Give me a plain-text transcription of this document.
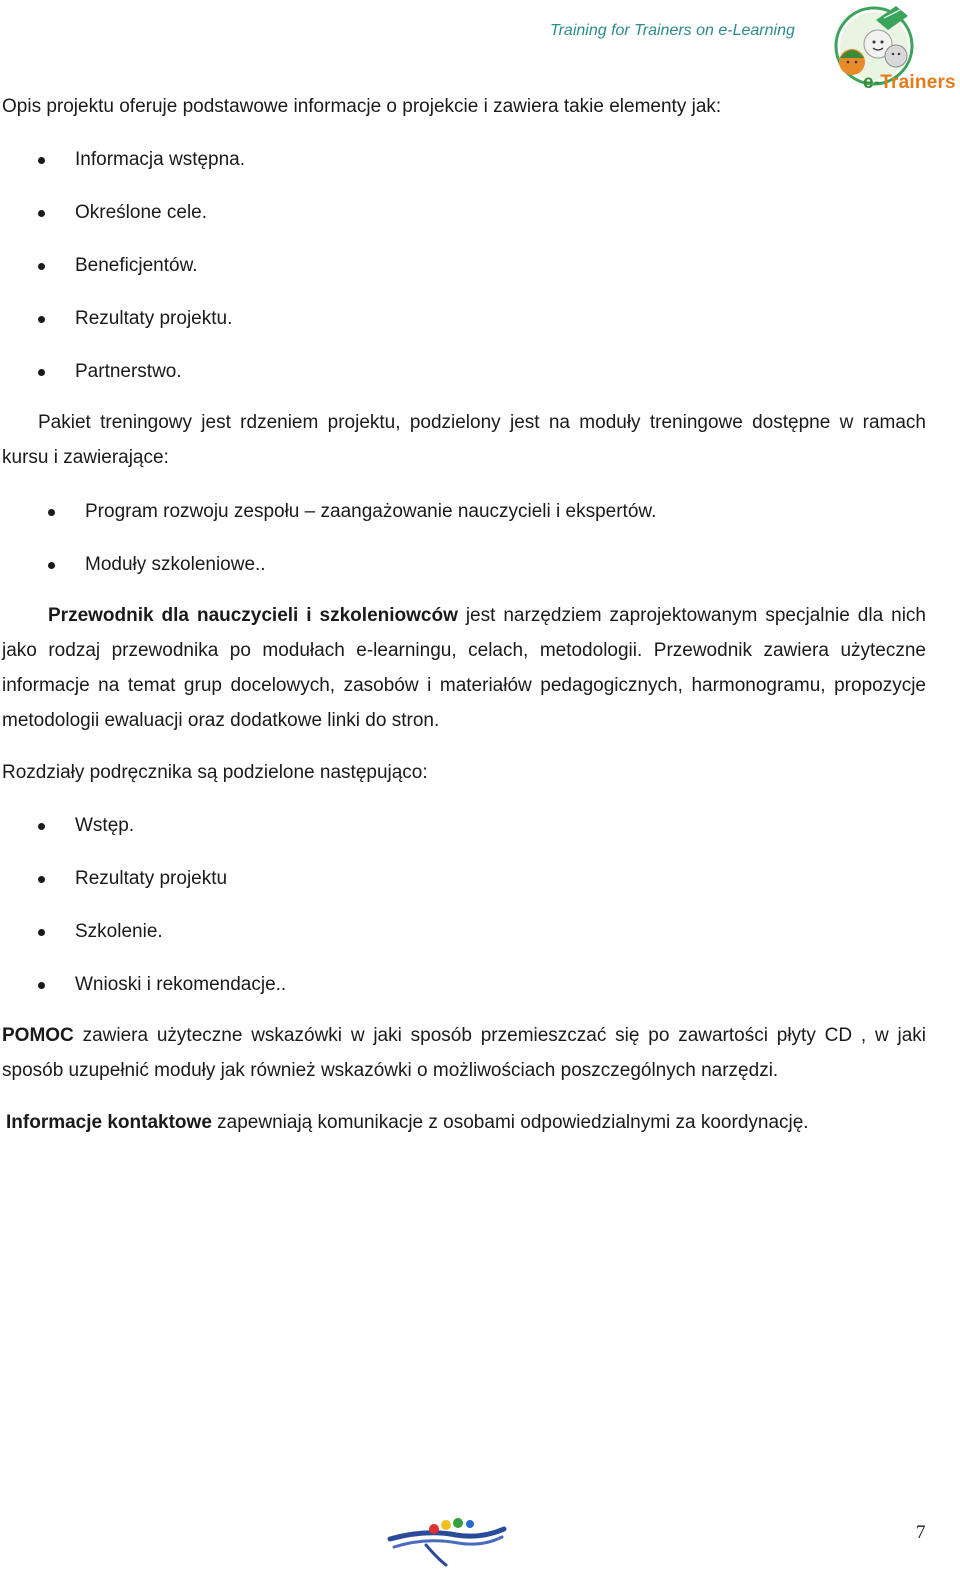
Training for Trainers on e-Learning
e-Trainers

Opis projektu oferuje podstawowe informacje o projekcie i zawiera takie elementy jak:

Informacja wstępna.
Określone cele.
Beneficjentów.
Rezultaty projektu.
Partnerstwo.

Pakiet treningowy jest rdzeniem projektu, podzielony jest na moduły treningowe dostępne w ramach kursu i zawierające:

Program rozwoju zespołu – zaangażowanie nauczycieli i ekspertów.
Moduły szkoleniowe..

Przewodnik dla nauczycieli i szkoleniowców jest narzędziem zaprojektowanym specjalnie dla nich jako rodzaj przewodnika po modułach e-learningu, celach, metodologii. Przewodnik zawiera użyteczne informacje na temat grup docelowych, zasobów i materiałów pedagogicznych, harmonogramu, propozycje metodologii ewaluacji oraz dodatkowe linki do stron.

Rozdziały podręcznika są podzielone następująco:

Wstęp.
Rezultaty projektu
Szkolenie.
Wnioski i rekomendacje..

POMOC zawiera użyteczne wskazówki w jaki sposób przemieszczać się po zawartości płyty CD , w jaki sposób uzupełnić moduły jak również wskazówki o możliwościach poszczególnych narzędzi.

Informacje kontaktowe zapewniają komunikacje z osobami odpowiedzialnymi za koordynację.

7
